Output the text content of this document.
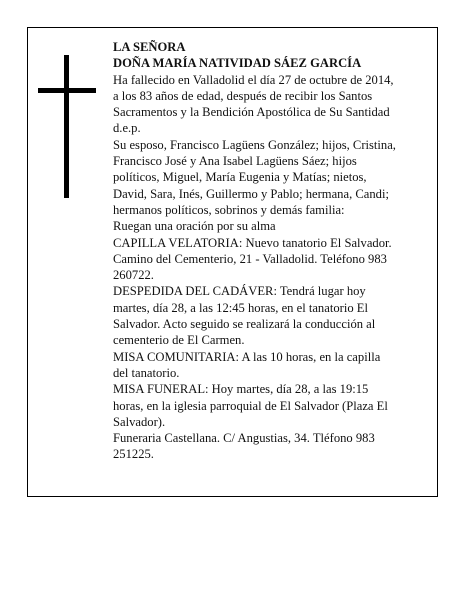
LA SEÑORA
DOÑA MARÍA NATIVIDAD SÁEZ GARCÍA
Ha fallecido en Valladolid el día 27 de octubre de 2014,
a los 83 años de edad, después de recibir los Santos
Sacramentos y la Bendición Apostólica de Su Santidad
d.e.p.
Su esposo, Francisco Lagüens González; hijos, Cristina,
Francisco José y Ana Isabel Lagüens Sáez; hijos
políticos, Miguel, María Eugenia y Matías; nietos,
David, Sara, Inés, Guillermo y Pablo; hermana, Candi;
hermanos políticos, sobrinos y demás familia:
Ruegan una oración por su alma
CAPILLA VELATORIA: Nuevo tanatorio El Salvador.
Camino del Cementerio, 21 - Valladolid. Teléfono 983
260722.
DESPEDIDA DEL CADÁVER: Tendrá lugar hoy
martes, día 28, a las 12:45 horas, en el tanatorio El
Salvador. Acto seguido se realizará la conducción al
cementerio de El Carmen.
MISA COMUNITARIA: A las 10 horas, en la capilla
del tanatorio.
MISA FUNERAL: Hoy martes, día 28, a las 19:15
horas, en la iglesia parroquial de El Salvador (Plaza El
Salvador).
Funeraria Castellana. C/ Angustias, 34. Tléfono 983
251225.
